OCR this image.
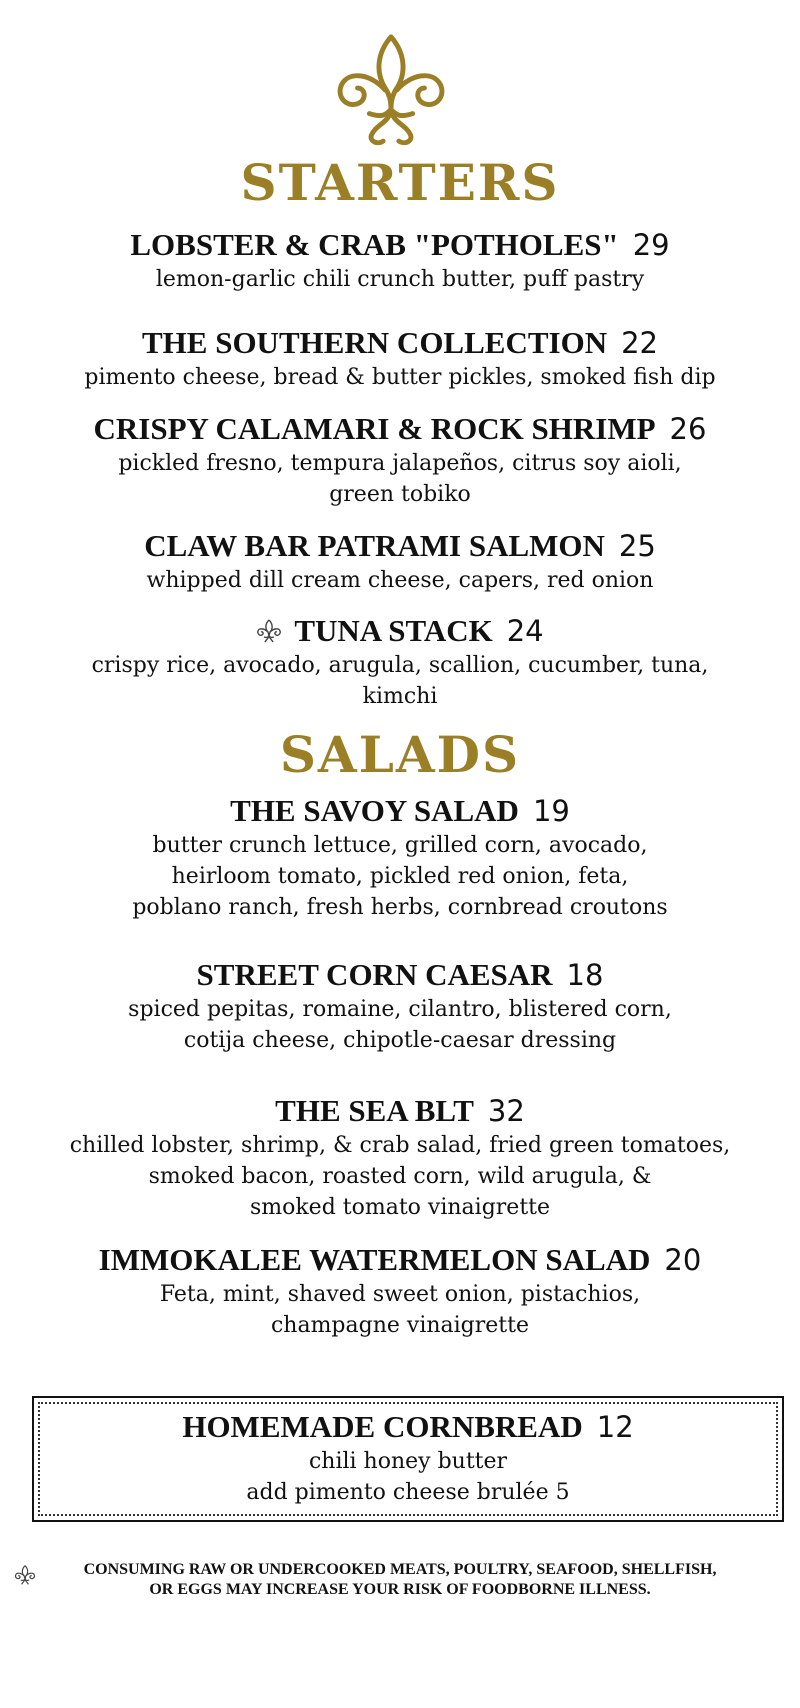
STARTERS
LOBSTER & CRAB "POTHOLES" 29
lemon-garlic chili crunch butter, puff pastry
THE SOUTHERN COLLECTION 22
pimento cheese, bread & butter pickles, smoked fish dip
CRISPY CALAMARI & ROCK SHRIMP 26
pickled fresno, tempura jalapeños, citrus soy aioli,
green tobiko
CLAW BAR PATRAMI SALMON 25
whipped dill cream cheese, capers, red onion
TUNA STACK 24
crispy rice, avocado, arugula, scallion, cucumber, tuna,
kimchi
SALADS
THE SAVOY SALAD 19
butter crunch lettuce, grilled corn, avocado,
heirloom tomato, pickled red onion, feta,
poblano ranch, fresh herbs, cornbread croutons
STREET CORN CAESAR 18
spiced pepitas, romaine, cilantro, blistered corn,
cotija cheese, chipotle-caesar dressing
THE SEA BLT 32
chilled lobster, shrimp, & crab salad, fried green tomatoes,
smoked bacon, roasted corn, wild arugula, &
smoked tomato vinaigrette
IMMOKALEE WATERMELON SALAD 20
Feta, mint, shaved sweet onion, pistachios,
champagne vinaigrette
HOMEMADE CORNBREAD 12
chili honey butter
add pimento cheese brulée 5
CONSUMING RAW OR UNDERCOOKED MEATS, POULTRY, SEAFOOD, SHELLFISH,
OR EGGS MAY INCREASE YOUR RISK OF FOODBORNE ILLNESS.
